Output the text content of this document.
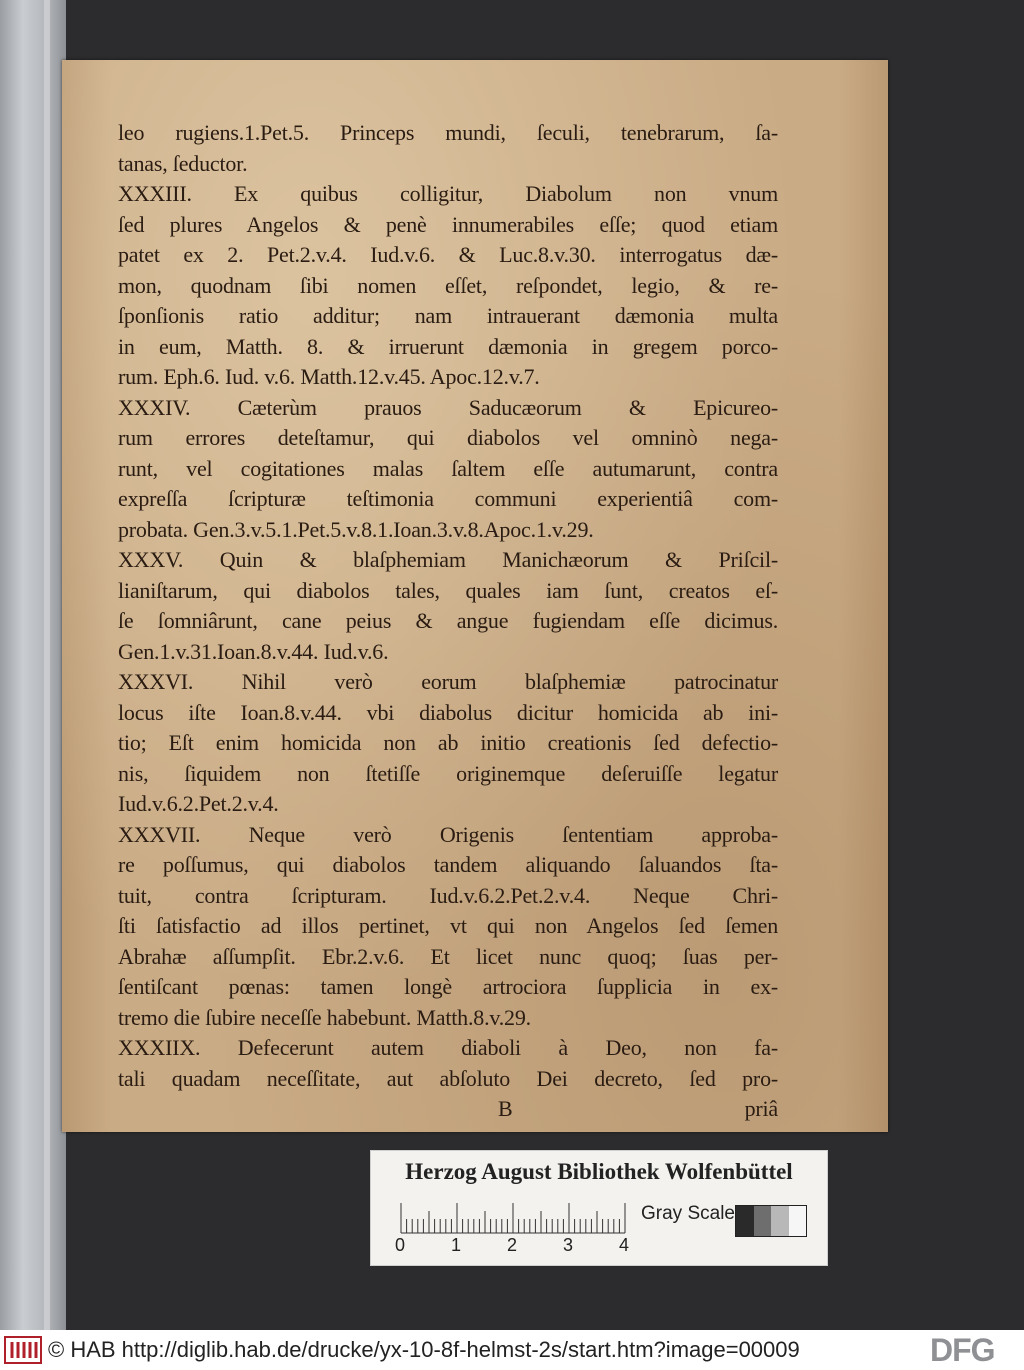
leo rugiens.1.Pet.5. Princeps mundi, ſeculi, tenebrarum, ſa-
tanas, ſeductor.
XXXIII. Ex quibus colligitur, Diabolum non vnum
ſed plures Angelos & penè innumerabiles eſſe; quod etiam
patet ex 2. Pet.2.v.4. Iud.v.6. & Luc.8.v.30. interrogatus dæ-
mon, quodnam ſibi nomen eſſet, reſpondet, legio, & re-
ſponſionis ratio additur; nam intrauerant dæmonia multa
in eum, Matth. 8. & irruerunt dæmonia in gregem porco-
rum. Eph.6. Iud. v.6. Matth.12.v.45. Apoc.12.v.7.
XXXIV. Cæterùm prauos Saducæorum & Epicureo-
rum errores deteſtamur, qui diabolos vel omninò nega-
runt, vel cogitationes malas ſaltem eſſe autumarunt, contra
expreſſa ſcripturæ teſtimonia communi experientiâ com-
probata. Gen.3.v.5.1.Pet.5.v.8.1.Ioan.3.v.8.Apoc.1.v.29.
XXXV. Quin & blaſphemiam Manichæorum & Priſcil-
lianiſtarum, qui diabolos tales, quales iam ſunt, creatos eſ-
ſe ſomniârunt, cane peius & angue fugiendam eſſe dicimus.
Gen.1.v.31.Ioan.8.v.44. Iud.v.6.
XXXVI. Nihil verò eorum blaſphemiæ patrocinatur
locus iſte Ioan.8.v.44. vbi diabolus dicitur homicida ab ini-
tio; Eſt enim homicida non ab initio creationis ſed defectio-
nis, ſiquidem non ſtetiſſe originemque deſeruiſſe legatur
Iud.v.6.2.Pet.2.v.4.
XXXVII. Neque verò Origenis ſententiam approba-
re poſſumus, qui diabolos tandem aliquando ſaluandos ſta-
tuit, contra ſcripturam. Iud.v.6.2.Pet.2.v.4. Neque Chri-
ſti ſatisfactio ad illos pertinet, vt qui non Angelos ſed ſemen
Abrahæ aſſumpſit. Ebr.2.v.6. Et licet nunc quoq; ſuas per-
ſentiſcant pœnas: tamen longè artrociora ſupplicia in ex-
tremo die ſubire neceſſe habebunt. Matth.8.v.29.
XXXIIX. Defecerunt autem diaboli à Deo, non fa-
tali quadam neceſſitate, aut abſoluto Dei decreto, ſed pro-
B	priâ
Herzog August Bibliothek Wolfenbüttel
0	1	2	3	4
Gray Scale
© HAB http://diglib.hab.de/drucke/yx-10-8f-helmst-2s/start.htm?image=00009	DFG
